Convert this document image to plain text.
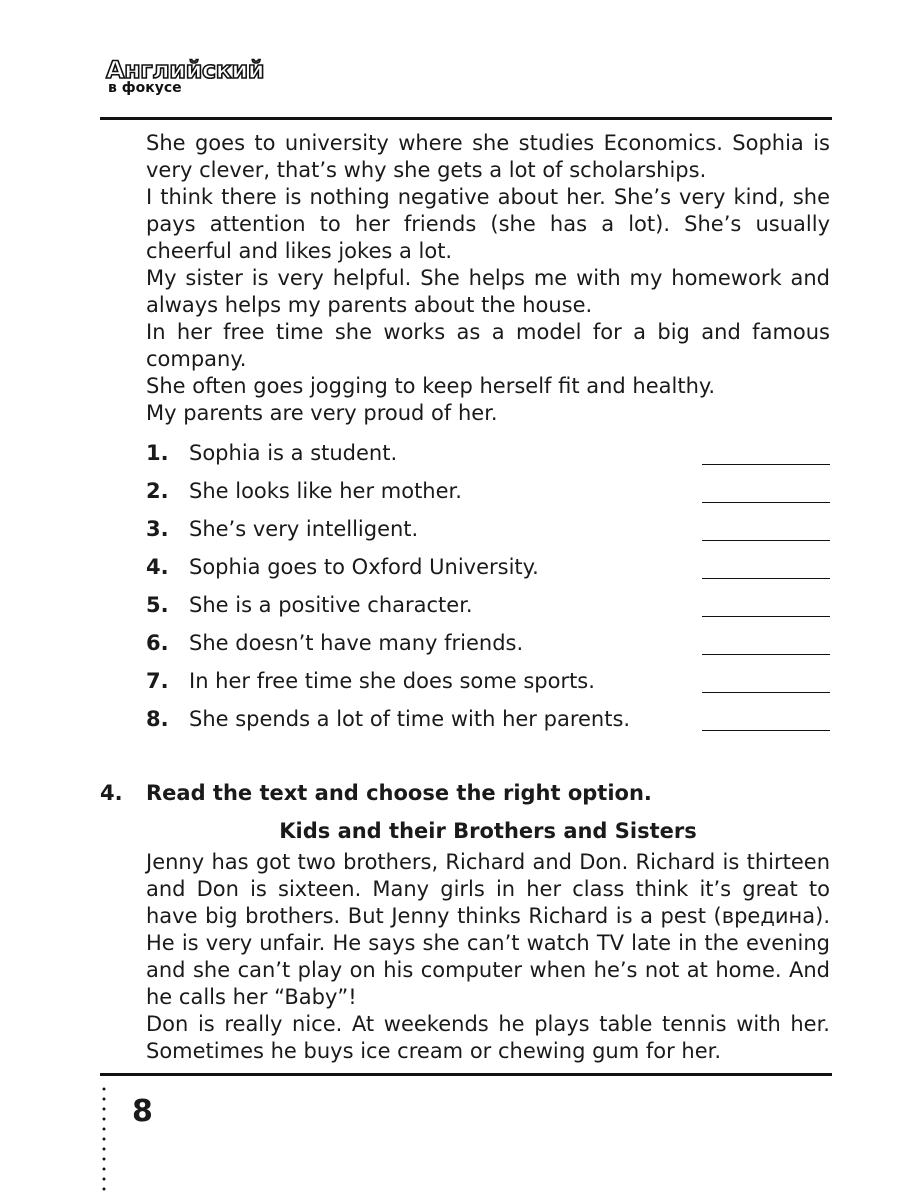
Английский
в фокусе

She goes to university where she studies Economics. Sophia is very clever, that’s why she gets a lot of scholarships.

I think there is nothing negative about her. She’s very kind, she pays attention to her friends (she has a lot). She’s usually cheerful and likes jokes a lot.

My sister is very helpful. She helps me with my homework and always helps my parents about the house.

In her free time she works as a model for a big and famous company.

She often goes jogging to keep herself fit and healthy.

My parents are very proud of her.

1. Sophia is a student.
2. She looks like her mother.
3. She’s very intelligent.
4. Sophia goes to Oxford University.
5. She is a positive character.
6. She doesn’t have many friends.
7. In her free time she does some sports.
8. She spends a lot of time with her parents.
4. Read the text and choose the right option.
Kids and their Brothers and Sisters

Jenny has got two brothers, Richard and Don. Richard is thirteen and Don is sixteen. Many girls in her class think it’s great to have big brothers. But Jenny thinks Richard is a pest (вредина). He is very unfair. He says she can’t watch TV late in the evening and she can’t play on his computer when he’s not at home. And he calls her “Baby”!

Don is really nice. At weekends he plays table tennis with her. Sometimes he buys ice cream or chewing gum for her.

8
